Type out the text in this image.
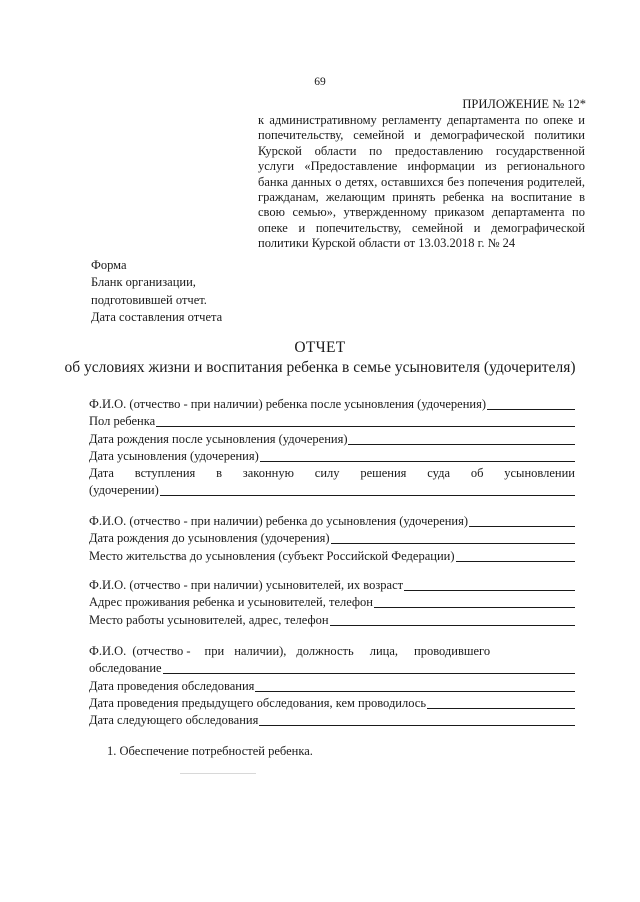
69
ПРИЛОЖЕНИЕ № 12*
к административному регламенту департамента по опеке и попечительству, семейной и демографической политики Курской области по предоставлению государственной услуги «Предоставление информации из регионального банка данных о детях, оставшихся без попечения родителей, гражданам, желающим принять ребенка на воспитание в свою семью», утвержденному приказом департамента по опеке и попечительству, семейной и демографической политики Курской области от 13.03.2018 г. № 24
Форма
Бланк организации,
подготовившей отчет.
Дата составления отчета
ОТЧЕТ
об условиях жизни и воспитания ребенка в семье усыновителя (удочерителя)
Ф.И.О. (отчество - при наличии) ребенка после усыновления (удочерения)
Пол ребенка
Дата рождения после усыновления (удочерения)
Дата усыновления (удочерения)
Дата вступления в законную силу решения суда об усыновлении
(удочерении)
Ф.И.О. (отчество - при наличии) ребенка до усыновления (удочерения)
Дата рождения до усыновления (удочерения)
Место жительства до усыновления (субъект Российской Федерации)
Ф.И.О. (отчество - при наличии) усыновителей, их возраст
Адрес проживания ребенка и усыновителей, телефон
Место работы усыновителей, адрес, телефон
Ф.И.О. (отчество - при наличии), должность лица, проводившего
обследование
Дата проведения обследования
Дата проведения предыдущего обследования, кем проводилось
Дата следующего обследования
1. Обеспечение потребностей ребенка.
